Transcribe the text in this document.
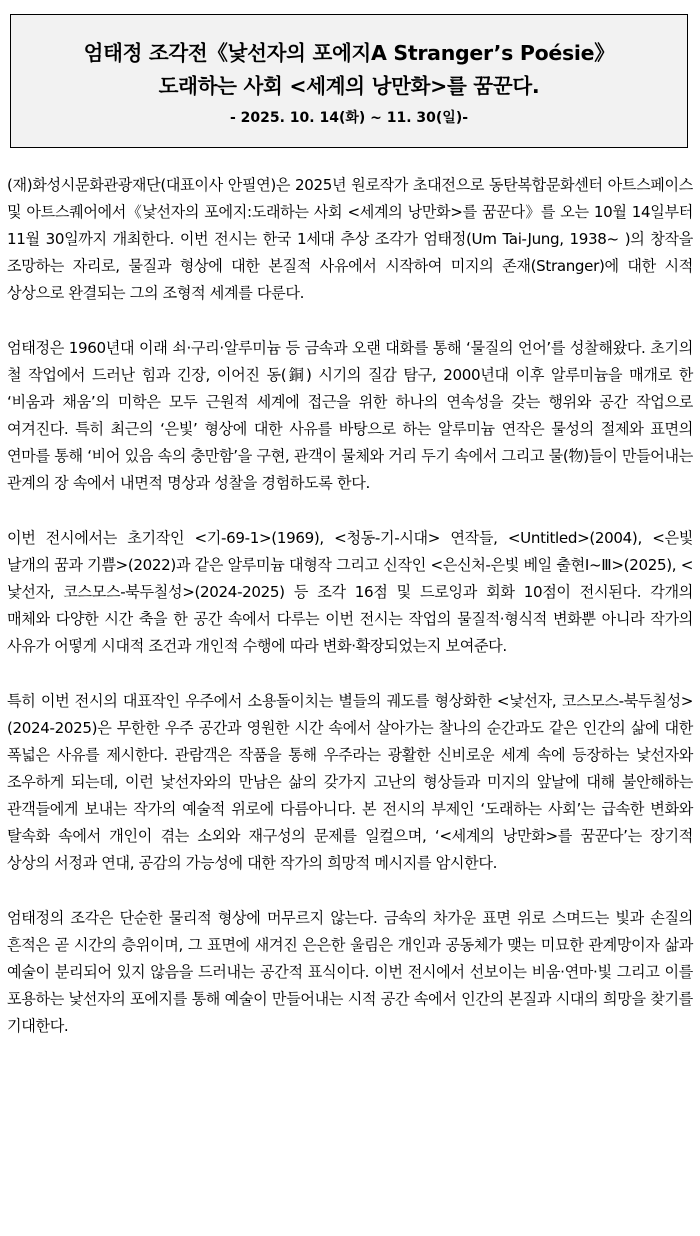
엄태정 조각전《낯선자의 포에지A Stranger’s Poésie》
도래하는 사회 <세계의 낭만화>를 꿈꾼다.
- 2025. 10. 14(화) ~ 11. 30(일)-

(재)화성시문화관광재단(대표이사 안필연)은 2025년 원로작가 초대전으로 동탄복합문화센터 아트스페이스 및 아트스퀘어에서《낯선자의 포에지:도래하는 사회 <세계의 낭만화>를 꿈꾼다》를 오는 10월 14일부터 11월 30일까지 개최한다. 이번 전시는 한국 1세대 추상 조각가 엄태정(Um Tai-Jung, 1938~ )의 창작을 조망하는 자리로, 물질과 형상에 대한 본질적 사유에서 시작하여 미지의 존재(Stranger)에 대한 시적 상상으로 완결되는 그의 조형적 세계를 다룬다.

엄태정은 1960년대 이래 쇠·구리·알루미늄 등 금속과 오랜 대화를 통해 ‘물질의 언어’를 성찰해왔다. 초기의 철 작업에서 드러난 힘과 긴장, 이어진 동(銅) 시기의 질감 탐구, 2000년대 이후 알루미늄을 매개로 한 ‘비움과 채움’의 미학은 모두 근원적 세계에 접근을 위한 하나의 연속성을 갖는 행위와 공간 작업으로 여겨진다. 특히 최근의 ‘은빛’ 형상에 대한 사유를 바탕으로 하는 알루미늄 연작은 물성의 절제와 표면의 연마를 통해 ‘비어 있음 속의 충만함’을 구현, 관객이 물체와 거리 두기 속에서 그리고 물(物)들이 만들어내는 관계의 장 속에서 내면적 명상과 성찰을 경험하도록 한다.

이번 전시에서는 초기작인 <기-69-1>(1969), <청동-기-시대> 연작들, <Untitled>(2004), <은빛 날개의 꿈과 기쁨>(2022)과 같은 알루미늄 대형작 그리고 신작인 <은신처-은빛 베일 출현Ⅰ~Ⅲ>(2025), <낯선자, 코스모스-북두칠성>(2024-2025) 등 조각 16점 및 드로잉과 회화 10점이 전시된다. 각개의 매체와 다양한 시간 축을 한 공간 속에서 다루는 이번 전시는 작업의 물질적·형식적 변화뿐 아니라 작가의 사유가 어떻게 시대적 조건과 개인적 수행에 따라 변화·확장되었는지 보여준다.

특히 이번 전시의 대표작인 우주에서 소용돌이치는 별들의 궤도를 형상화한 <낯선자, 코스모스-북두칠성>(2024-2025)은 무한한 우주 공간과 영원한 시간 속에서 살아가는 찰나의 순간과도 같은 인간의 삶에 대한 폭넓은 사유를 제시한다. 관람객은 작품을 통해 우주라는 광활한 신비로운 세계 속에 등장하는 낯선자와 조우하게 되는데, 이런 낯선자와의 만남은 삶의 갖가지 고난의 형상들과 미지의 앞날에 대해 불안해하는 관객들에게 보내는 작가의 예술적 위로에 다름아니다. 본 전시의 부제인 ‘도래하는 사회’는 급속한 변화와 탈속화 속에서 개인이 겪는 소외와 재구성의 문제를 일컬으며, ‘<세계의 낭만화>를 꿈꾼다’는 장기적 상상의 서정과 연대, 공감의 가능성에 대한 작가의 희망적 메시지를 암시한다.

엄태정의 조각은 단순한 물리적 형상에 머무르지 않는다. 금속의 차가운 표면 위로 스며드는 빛과 손질의 흔적은 곧 시간의 층위이며, 그 표면에 새겨진 은은한 울림은 개인과 공동체가 맺는 미묘한 관계망이자 삶과 예술이 분리되어 있지 않음을 드러내는 공간적 표식이다. 이번 전시에서 선보이는 비움·연마·빛 그리고 이를 포용하는 낯선자의 포에지를 통해 예술이 만들어내는 시적 공간 속에서 인간의 본질과 시대의 희망을 찾기를 기대한다.
